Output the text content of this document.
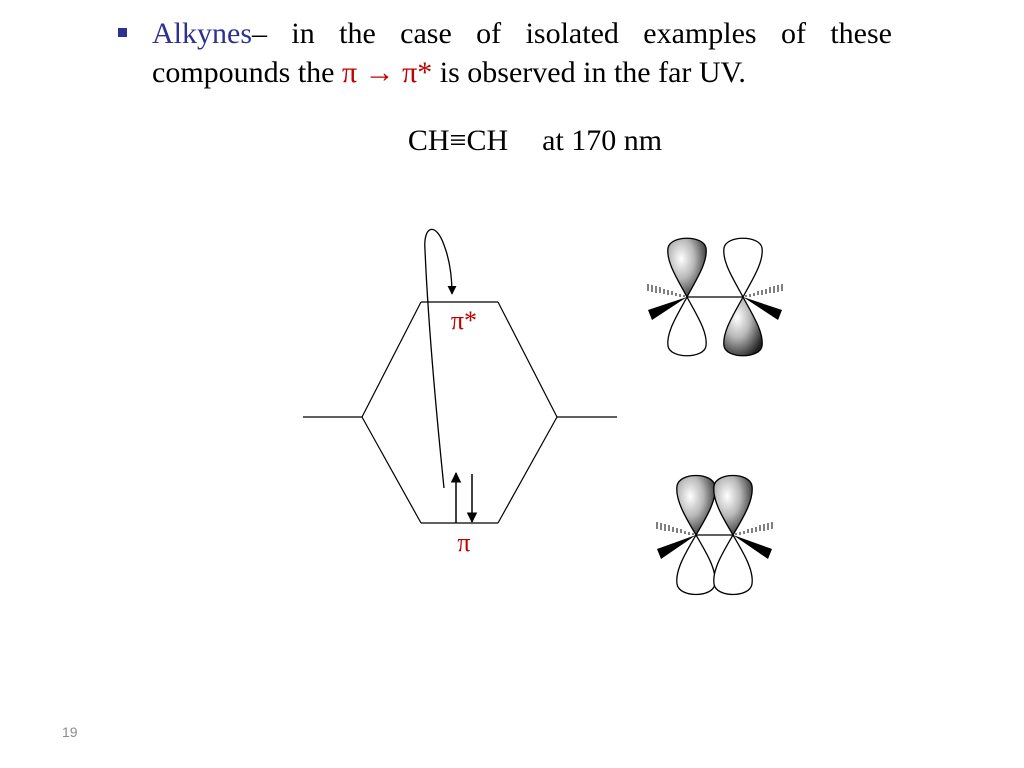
Alkynes– in the case of isolated examples of these compounds the π → π* is observed in the far UV.
CH≡CH at 170 nm
π*
π
19
